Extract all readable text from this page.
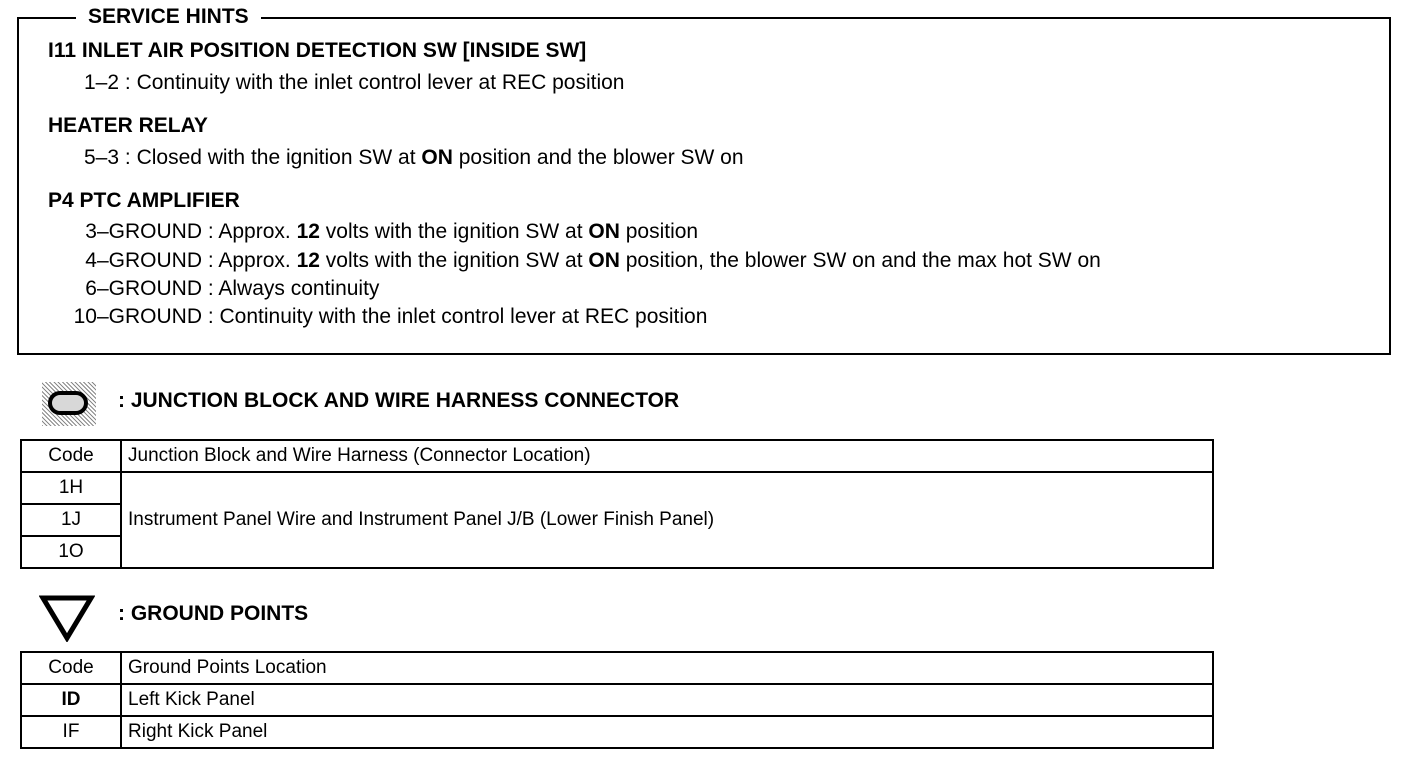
SERVICE HINTS
I11 INLET AIR POSITION DETECTION SW [INSIDE SW]
1–2 : Continuity with the inlet control lever at REC position
HEATER RELAY
5–3 : Closed with the ignition SW at ON position and the blower SW on
P4 PTC AMPLIFIER
3–GROUND : Approx. 12 volts with the ignition SW at ON position
4–GROUND : Approx. 12 volts with the ignition SW at ON position, the blower SW on and the max hot SW on
6–GROUND : Always continuity
10–GROUND : Continuity with the inlet control lever at REC position
: JUNCTION BLOCK AND WIRE HARNESS CONNECTOR
Code	Junction Block and Wire Harness (Connector Location)
1H	Instrument Panel Wire and Instrument Panel J/B (Lower Finish Panel)
1J	
1O	
: GROUND POINTS
Code	Ground Points Location
ID	Left Kick Panel
IF	Right Kick Panel
